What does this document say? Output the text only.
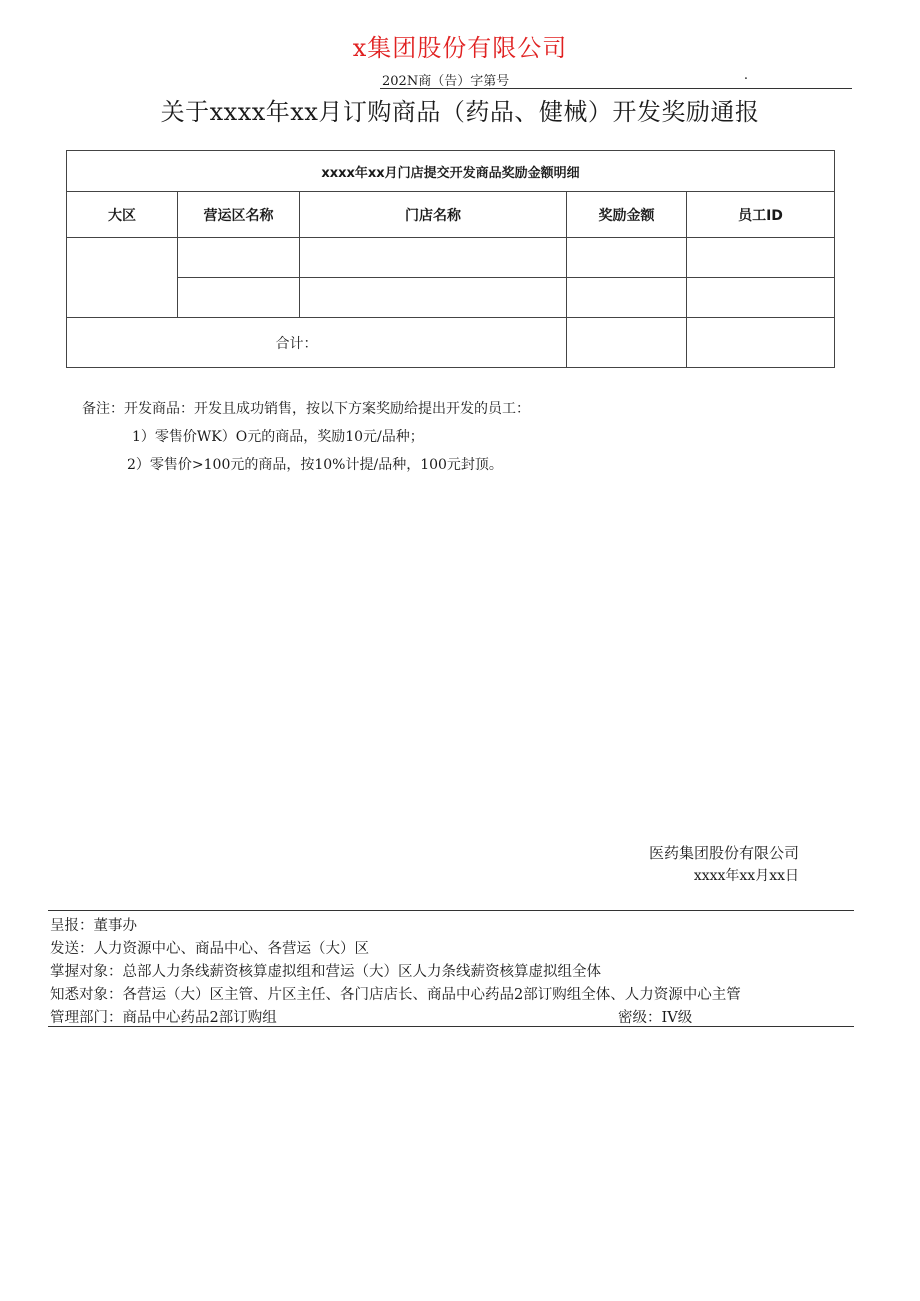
x集团股份有限公司
202N商（告）字第号	.
关于xxxx年xx月订购商品（药品、健械）开发奖励通报
xxxx年xx月门店提交开发商品奖励金额明细				
大区	营运区名称	门店名称	奖励金额	员工ID

合计：				
备注：开发商品：开发且成功销售，按以下方案奖励给提出开发的员工：
1）零售价WK）O元的商品，奖励10元/品种；
2）零售价>100元的商品，按10%计提/品种，100元封顶。
医药集团股份有限公司
xxxx年xx月xx日
呈报：董事办
发送：人力资源中心、商品中心、各营运（大）区
掌握对象：总部人力条线薪资核算虚拟组和营运（大）区人力条线薪资核算虚拟组全体
知悉对象：各营运（大）区主管、片区主任、各门店店长、商品中心药品2部订购组全体、人力资源中心主管
管理部门：商品中心药品2部订购组	密级：IV级
